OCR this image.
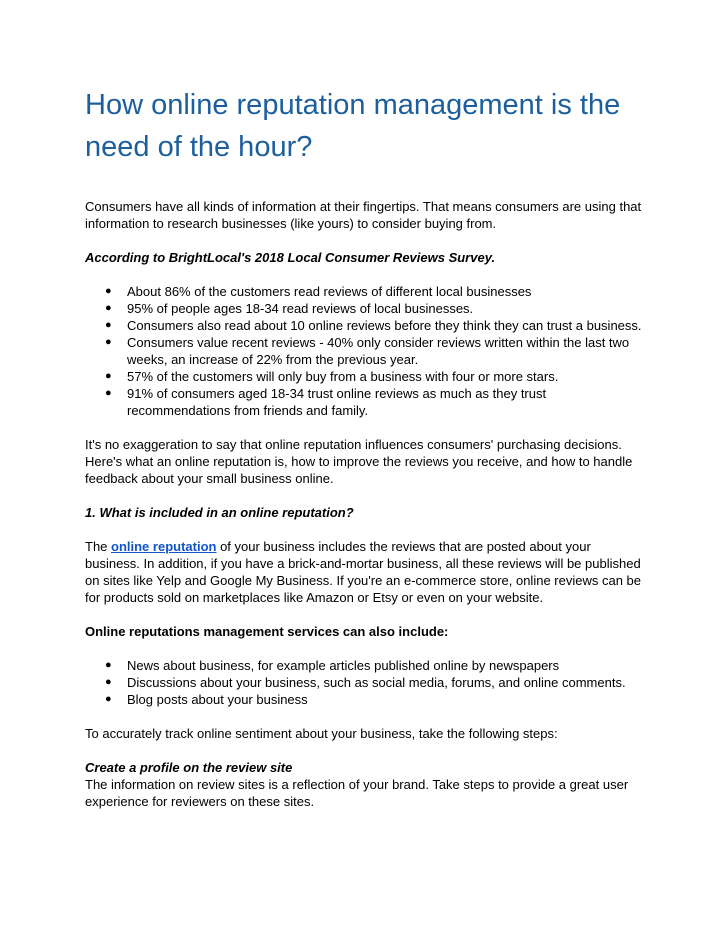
How online reputation management is the need of the hour?

Consumers have all kinds of information at their fingertips. That means consumers are using that information to research businesses (like yours) to consider buying from.

According to BrightLocal's 2018 Local Consumer Reviews Survey.

● About 86% of the customers read reviews of different local businesses
● 95% of people ages 18-34 read reviews of local businesses.
● Consumers also read about 10 online reviews before they think they can trust a business.
● Consumers value recent reviews - 40% only consider reviews written within the last two weeks, an increase of 22% from the previous year.
● 57% of the customers will only buy from a business with four or more stars.
● 91% of consumers aged 18-34 trust online reviews as much as they trust recommendations from friends and family.

It's no exaggeration to say that online reputation influences consumers' purchasing decisions. Here's what an online reputation is, how to improve the reviews you receive, and how to handle feedback about your small business online.

1. What is included in an online reputation?

The online reputation of your business includes the reviews that are posted about your business. In addition, if you have a brick-and-mortar business, all these reviews will be published on sites like Yelp and Google My Business. If you're an e-commerce store, online reviews can be for products sold on marketplaces like Amazon or Etsy or even on your website.

Online reputations management services can also include:

● News about business, for example articles published online by newspapers
● Discussions about your business, such as social media, forums, and online comments.
● Blog posts about your business

To accurately track online sentiment about your business, take the following steps:

Create a profile on the review site

The information on review sites is a reflection of your brand. Take steps to provide a great user experience for reviewers on these sites.
